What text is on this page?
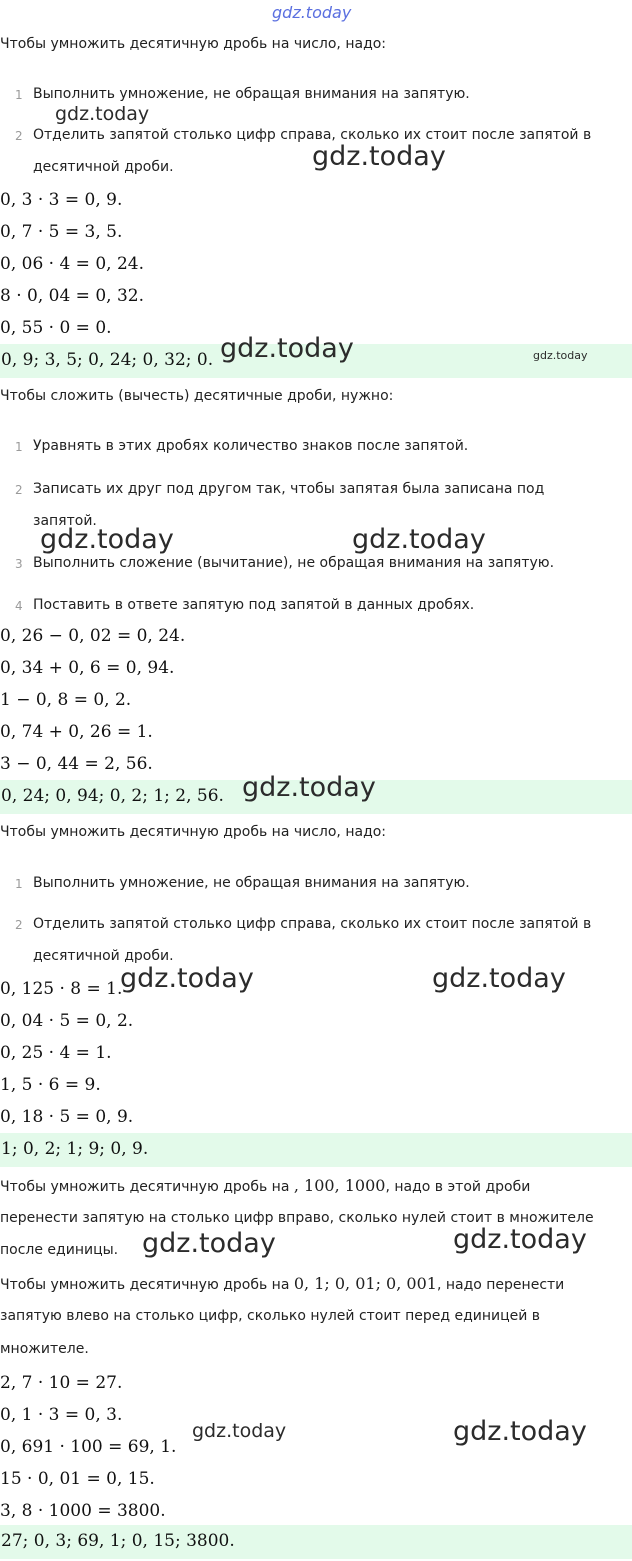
gdz.today
Чтобы умножить десятичную дробь на число, надо:
1 Выполнить умножение, не обращая внимания на запятую.
2 Отделить запятой столько цифр справа, сколько их стоит после запятой в
десятичной дроби.
0, 3 · 3 = 0, 9.
0, 7 · 5 = 3, 5.
0, 06 · 4 = 0, 24.
8 · 0, 04 = 0, 32.
0, 55 · 0 = 0.
0, 9; 3, 5; 0, 24; 0, 32; 0.
Чтобы сложить (вычесть) десятичные дроби, нужно:
1 Уравнять в этих дробях количество знаков после запятой.
2 Записать их друг под другом так, чтобы запятая была записана под
запятой.
3 Выполнить сложение (вычитание), не обращая внимания на запятую.
4 Поставить в ответе запятую под запятой в данных дробях.
0, 26 − 0, 02 = 0, 24.
0, 34 + 0, 6 = 0, 94.
1 − 0, 8 = 0, 2.
0, 74 + 0, 26 = 1.
3 − 0, 44 = 2, 56.
0, 24; 0, 94; 0, 2; 1; 2, 56.
Чтобы умножить десятичную дробь на число, надо:
1 Выполнить умножение, не обращая внимания на запятую.
2 Отделить запятой столько цифр справа, сколько их стоит после запятой в
десятичной дроби.
0, 125 · 8 = 1.
0, 04 · 5 = 0, 2.
0, 25 · 4 = 1.
1, 5 · 6 = 9.
0, 18 · 5 = 0, 9.
1; 0, 2; 1; 9; 0, 9.
Чтобы умножить десятичную дробь на , 100, 1000, надо в этой дроби
перенести запятую на столько цифр вправо, сколько нулей стоит в множителе
после единицы.
Чтобы умножить десятичную дробь на 0, 1; 0, 01; 0, 001, надо перенести
запятую влево на столько цифр, сколько нулей стоит перед единицей в
множителе.
2, 7 · 10 = 27.
0, 1 · 3 = 0, 3.
0, 691 · 100 = 69, 1.
15 · 0, 01 = 0, 15.
3, 8 · 1000 = 3800.
27; 0, 3; 69, 1; 0, 15; 3800.
gdz.today
gdz.today
gdz.today	gdz.today
gdz.today	gdz.today
gdz.today
gdz.today	gdz.today
gdz.today	gdz.today
gdz.today	gdz.today
